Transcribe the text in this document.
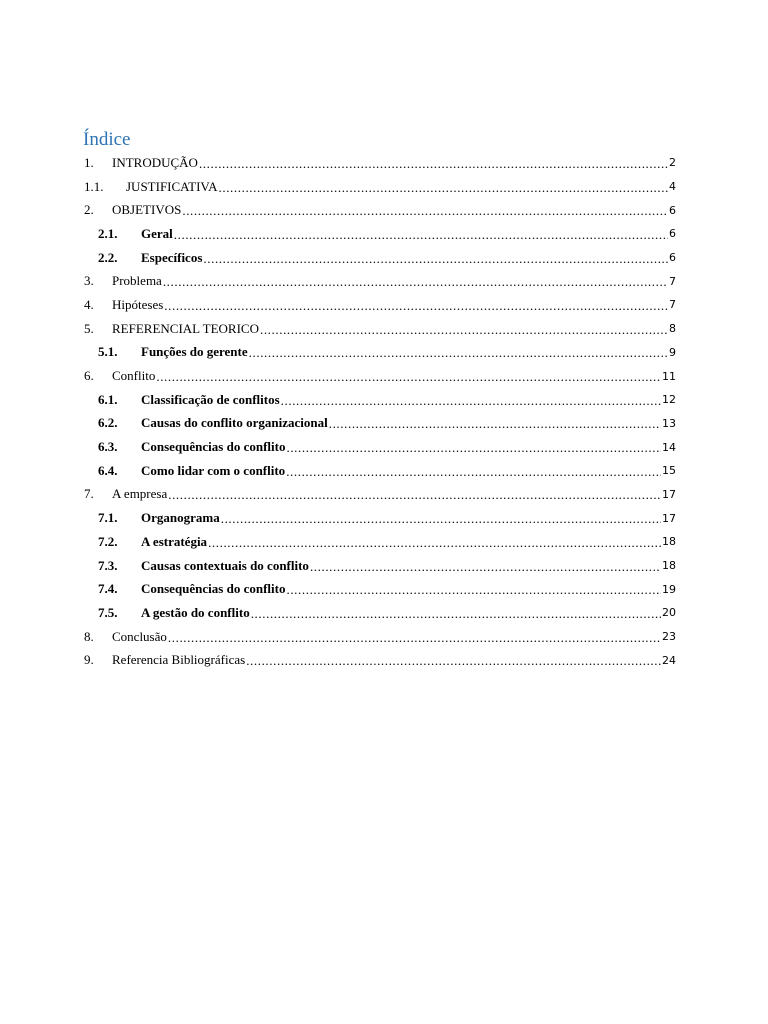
Índice
1.	INTRODUÇÃO .....	2
1.1.	JUSTIFICATIVA .....	4
2.	OBJETIVOS .....	6
2.1.	Geral .....	6
2.2.	Específicos .....	6
3.	Problema .....	7
4.	Hipóteses .....	7
5.	REFERENCIAL TEORICO .....	8
5.1.	Funções do gerente .....	9
6.	Conflito .....	11
6.1.	Classificação de conflitos .....	12
6.2.	Causas do conflito organizacional .....	13
6.3.	Consequências do conflito .....	14
6.4.	Como lidar com o conflito .....	15
7.	A empresa .....	17
7.1.	Organograma .....	17
7.2.	A estratégia .....	18
7.3.	Causas contextuais do conflito .....	18
7.4.	Consequências do conflito .....	19
7.5.	A gestão do conflito .....	20
8.	Conclusão .....	23
9.	Referencia Bibliográficas .....	24
